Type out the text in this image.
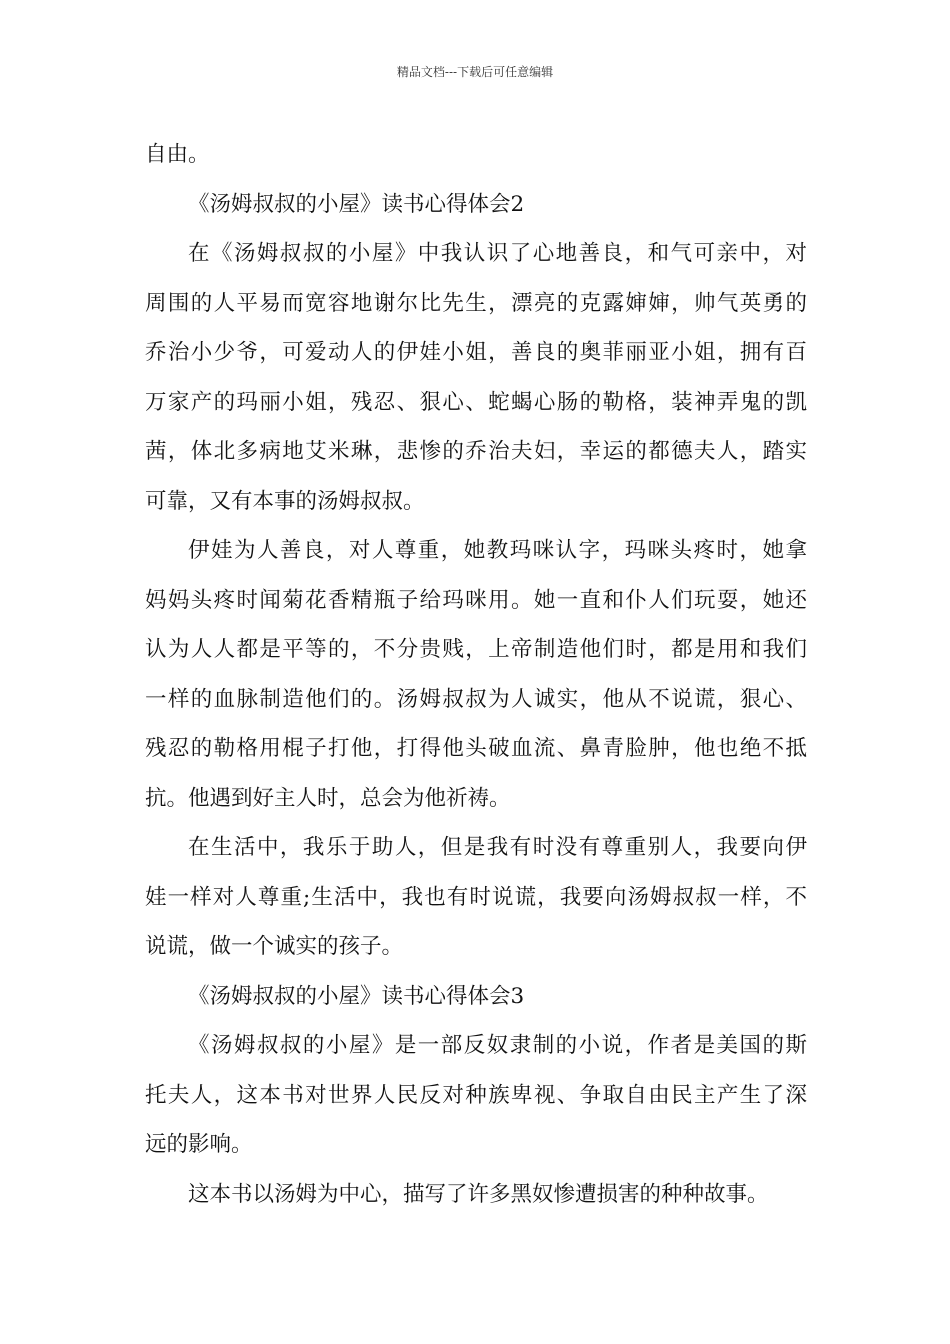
精品文档---下载后可任意编辑
自由。
《汤姆叔叔的小屋》读书心得体会2
在《汤姆叔叔的小屋》中我认识了心地善良，和气可亲中，对
周围的人平易而宽容地谢尔比先生，漂亮的克露婶婶，帅气英勇的
乔治小少爷，可爱动人的伊娃小姐，善良的奥菲丽亚小姐，拥有百
万家产的玛丽小姐，残忍、狠心、蛇蝎心肠的勒格，装神弄鬼的凯
茜，体北多病地艾米琳，悲惨的乔治夫妇，幸运的都德夫人，踏实
可靠，又有本事的汤姆叔叔。
伊娃为人善良，对人尊重，她教玛咪认字，玛咪头疼时，她拿
妈妈头疼时闻菊花香精瓶子给玛咪用。她一直和仆人们玩耍，她还
认为人人都是平等的，不分贵贱，上帝制造他们时，都是用和我们
一样的血脉制造他们的。汤姆叔叔为人诚实，他从不说谎，狠心、
残忍的勒格用棍子打他，打得他头破血流、鼻青脸肿，他也绝不抵
抗。他遇到好主人时，总会为他祈祷。
在生活中，我乐于助人，但是我有时没有尊重别人，我要向伊
娃一样对人尊重;生活中，我也有时说谎，我要向汤姆叔叔一样，不
说谎，做一个诚实的孩子。
《汤姆叔叔的小屋》读书心得体会3
《汤姆叔叔的小屋》是一部反奴隶制的小说，作者是美国的斯
托夫人，这本书对世界人民反对种族卑视、争取自由民主产生了深
远的影响。
这本书以汤姆为中心，描写了许多黑奴惨遭损害的种种故事。
